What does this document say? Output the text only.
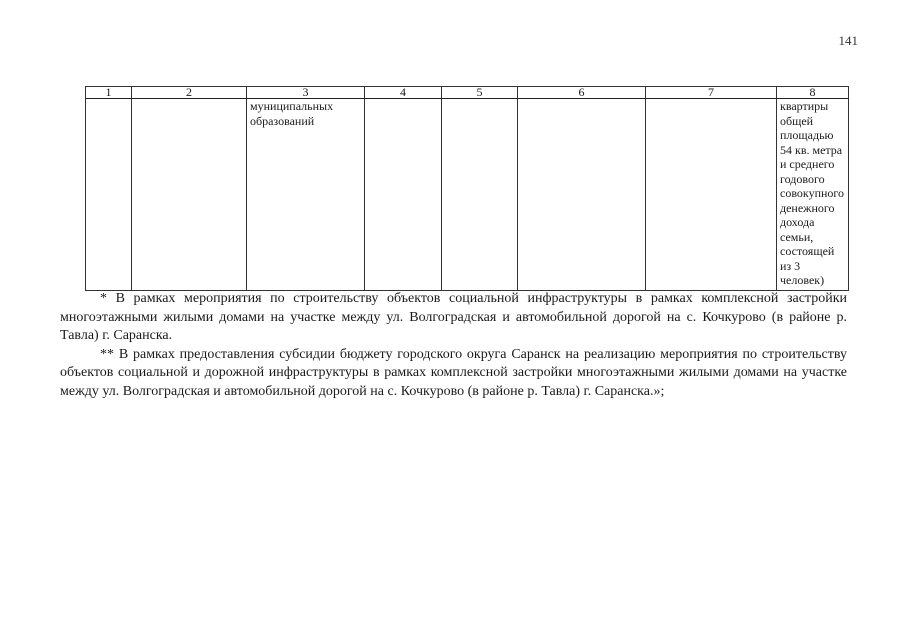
141
1	2	3	4	5	6	7	8
		муниципальных образований					квартиры общей площадью 54 кв. метра и среднего годового совокупного денежного дохода семьи, состоящей из 3 человек)

* В рамках мероприятия по строительству объектов социальной инфраструктуры в рамках комплексной застройки многоэтажными жилыми домами на участке между ул. Волгоградская и автомобильной дорогой на с. Кочкурово (в районе р. Тавла) г. Саранска.

** В рамках предоставления субсидии бюджету городского округа Саранск на реализацию мероприятия по строительству объектов социальной и дорожной инфраструктуры в рамках комплексной застройки многоэтажными жилыми домами на участке между ул. Волгоградская и автомобильной дорогой на с. Кочкурово (в районе р. Тавла) г. Саранска.»;
